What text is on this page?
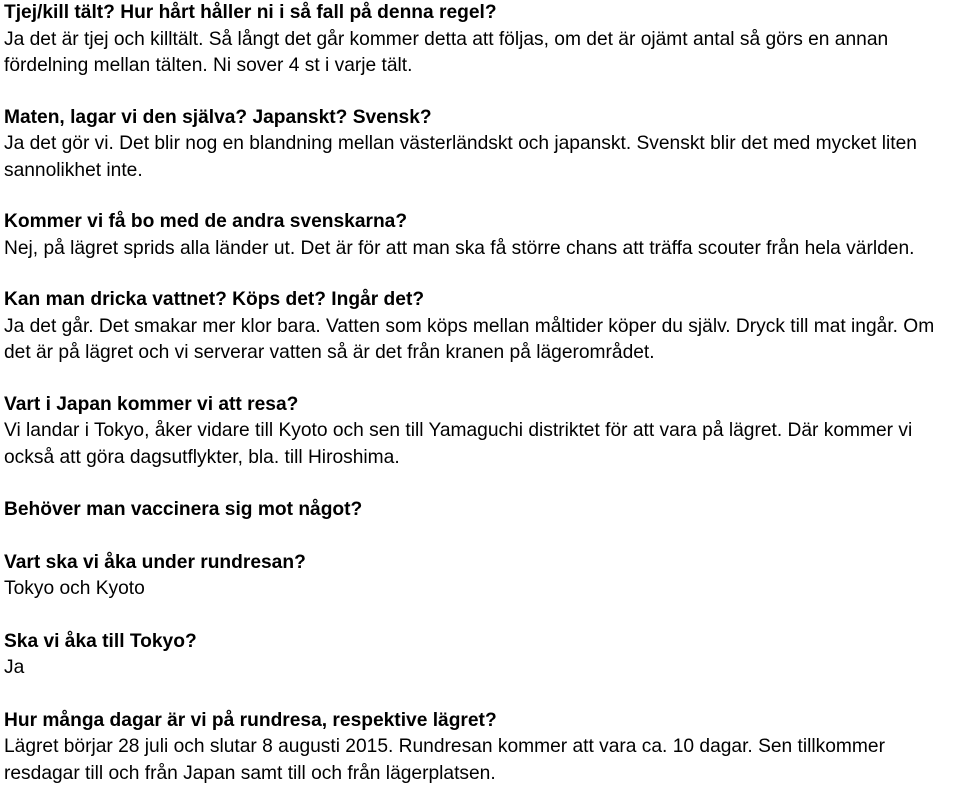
Tjej/kill tält? Hur hårt håller ni i så fall på denna regel?

Ja det är tjej och killtält. Så långt det går kommer detta att följas, om det är ojämt antal så görs en annan fördelning mellan tälten. Ni sover 4 st i varje tält.

Maten, lagar vi den själva? Japanskt? Svensk?

Ja det gör vi. Det blir nog en blandning mellan västerländskt och japanskt. Svenskt blir det med mycket liten sannolikhet inte.

Kommer vi få bo med de andra svenskarna?

Nej, på lägret sprids alla länder ut. Det är för att man ska få större chans att träffa scouter från hela världen.

Kan man dricka vattnet? Köps det? Ingår det?

Ja det går. Det smakar mer klor bara. Vatten som köps mellan måltider köper du själv. Dryck till mat ingår. Om det är på lägret och vi serverar vatten så är det från kranen på lägerområdet.

Vart i Japan kommer vi att resa?

Vi landar i Tokyo, åker vidare till Kyoto och sen till Yamaguchi distriktet för att vara på lägret. Där kommer vi också att göra dagsutflykter, bla. till Hiroshima.

Behöver man vaccinera sig mot något?

Vart ska vi åka under rundresan?

Tokyo och Kyoto

Ska vi åka till Tokyo?

Ja

Hur många dagar är vi på rundresa, respektive lägret?

Lägret börjar 28 juli och slutar 8 augusti 2015. Rundresan kommer att vara ca. 10 dagar. Sen tillkommer resdagar till och från Japan samt till och från lägerplatsen.
